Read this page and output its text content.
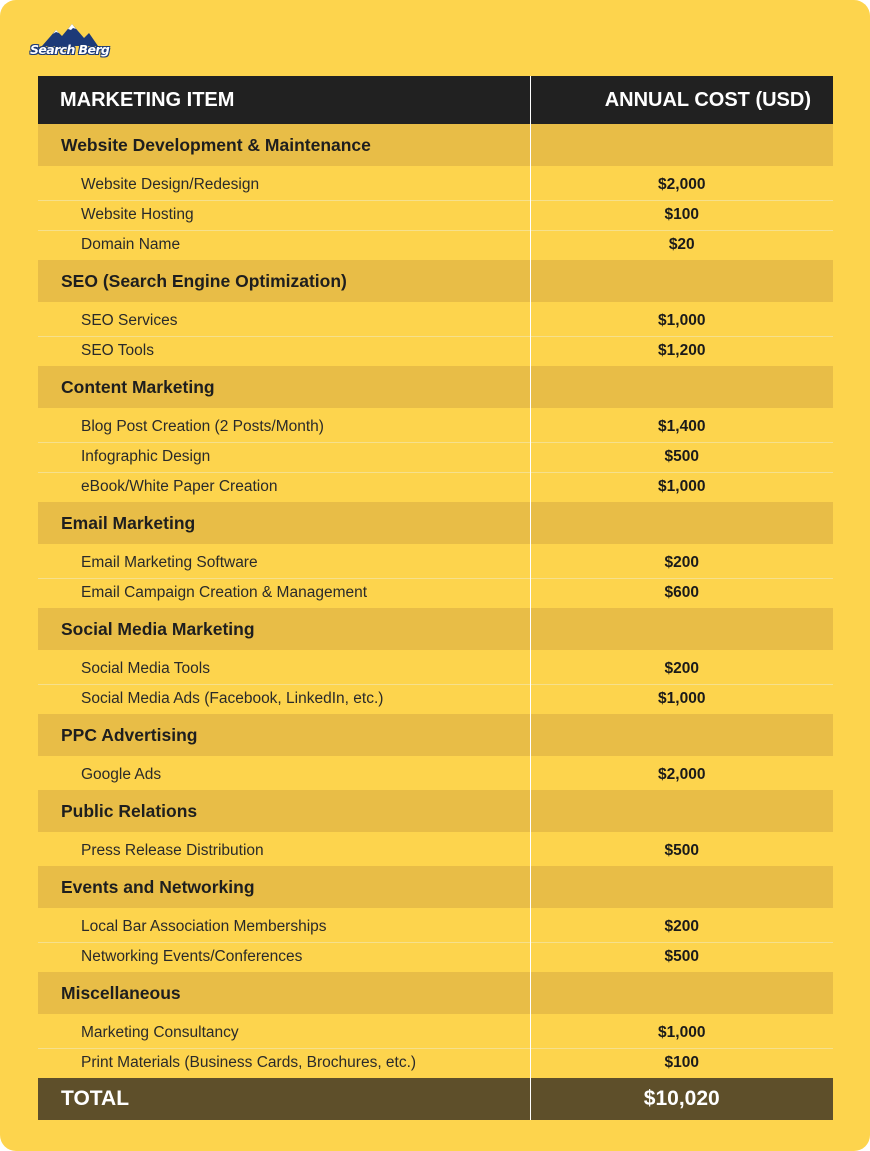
Search Berg
MARKETING ITEM	ANNUAL COST (USD)
Website Development & Maintenance	
Website Design/Redesign	$2,000
Website Hosting	$100
Domain Name	$20
SEO (Search Engine Optimization)	
SEO Services	$1,000
SEO Tools	$1,200
Content Marketing	
Blog Post Creation (2 Posts/Month)	$1,400
Infographic Design	$500
eBook/White Paper Creation	$1,000
Email Marketing	
Email Marketing Software	$200
Email Campaign Creation & Management	$600
Social Media Marketing	
Social Media Tools	$200
Social Media Ads (Facebook, LinkedIn, etc.)	$1,000
PPC Advertising	
Google Ads	$2,000
Public Relations	
Press Release Distribution	$500
Events and Networking	
Local Bar Association Memberships	$200
Networking Events/Conferences	$500
Miscellaneous	
Marketing Consultancy	$1,000
Print Materials (Business Cards, Brochures, etc.)	$100
TOTAL	$10,020
